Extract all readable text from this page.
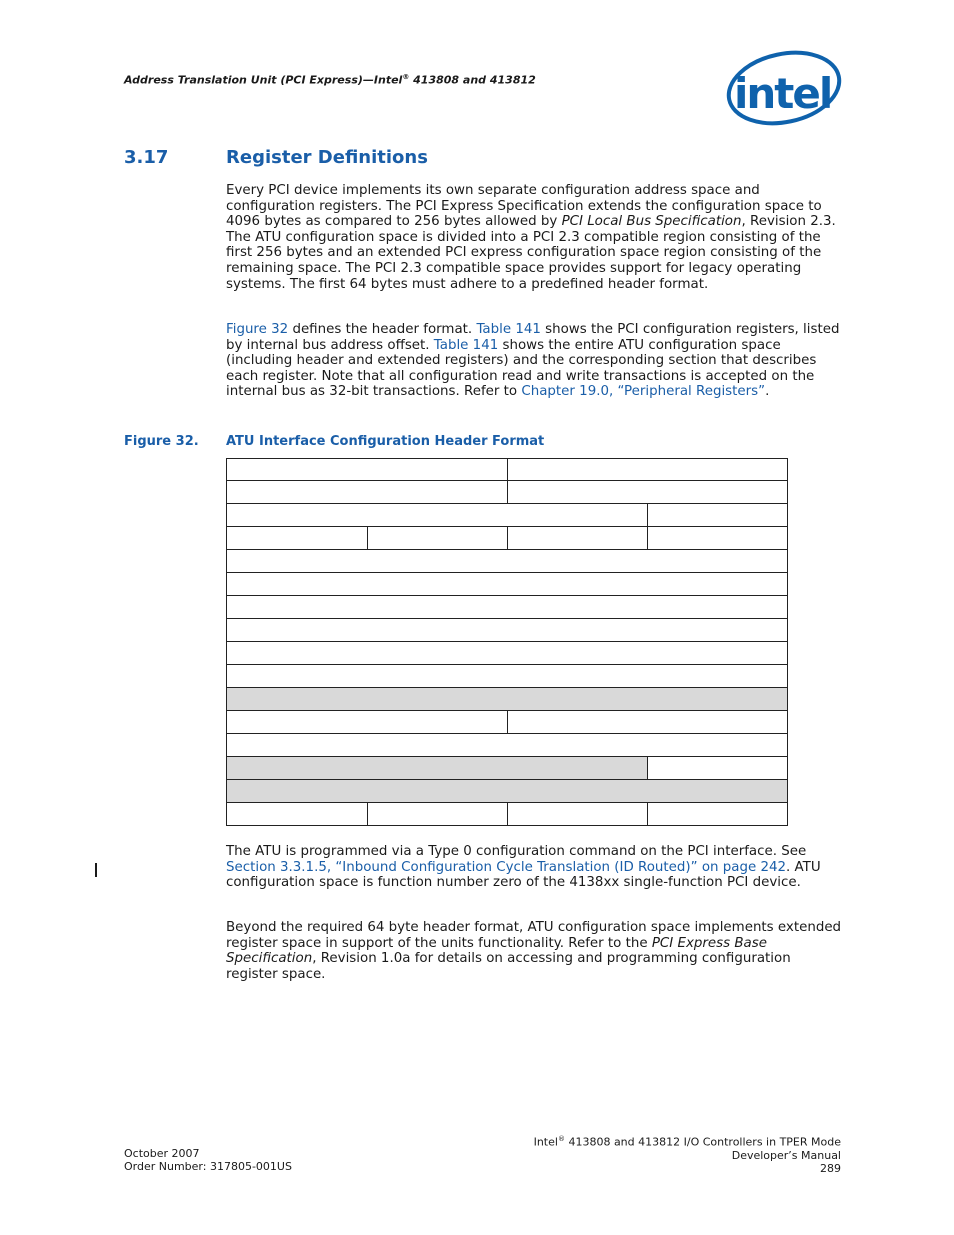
Address Translation Unit (PCI Express)—Intel® 413808 and 413812	intel
3.17	Register Definitions
Every PCI device implements its own separate configuration address space and configuration registers. The PCI Express Specification extends the configuration space to 4096 bytes as compared to 256 bytes allowed by PCI Local Bus Specification, Revision 2.3. The ATU configuration space is divided into a PCI 2.3 compatible region consisting of the first 256 bytes and an extended PCI express configuration space region consisting of the remaining space. The PCI 2.3 compatible space provides support for legacy operating systems. The first 64 bytes must adhere to a predefined header format.
Figure 32 defines the header format. Table 141 shows the PCI configuration registers, listed by internal bus address offset. Table 141 shows the entire ATU configuration space (including header and extended registers) and the corresponding section that describes each register. Note that all configuration read and write transactions is accepted on the internal bus as 32-bit transactions. Refer to Chapter 19.0, “Peripheral Registers”.
Figure 32. ATU Interface Configuration Header Format
The ATU is programmed via a Type 0 configuration command on the PCI interface. See Section 3.3.1.5, “Inbound Configuration Cycle Translation (ID Routed)” on page 242. ATU configuration space is function number zero of the 4138xx single-function PCI device.
Beyond the required 64 byte header format, ATU configuration space implements extended register space in support of the units functionality. Refer to the PCI Express Base Specification, Revision 1.0a for details on accessing and programming configuration register space.
October 2007
Order Number: 317805-001US
Intel® 413808 and 413812 I/O Controllers in TPER Mode
Developer’s Manual
289
